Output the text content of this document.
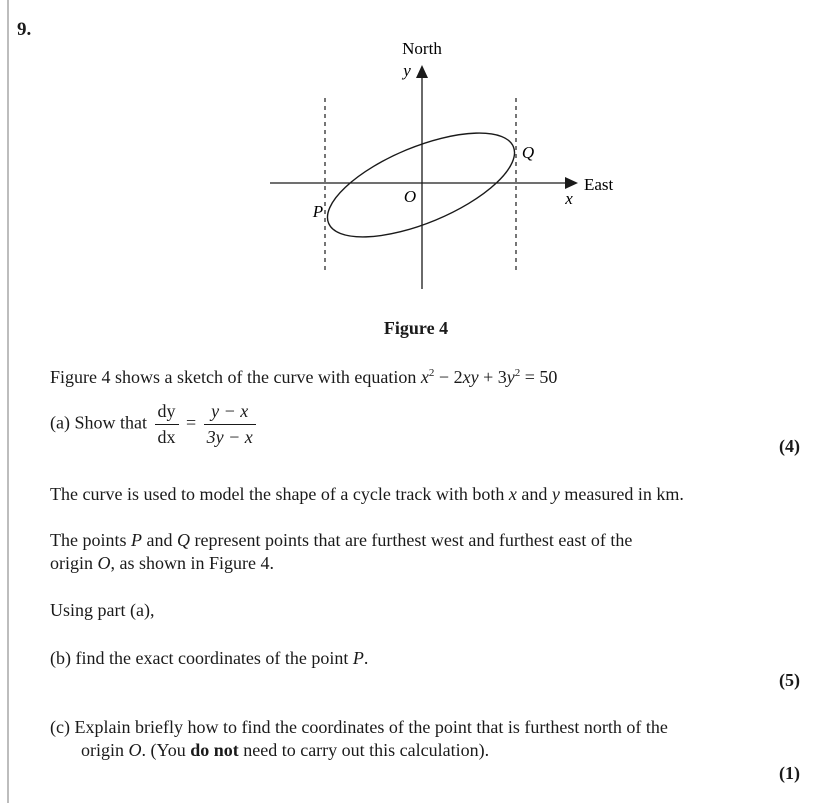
9.
North
y
East
x
O
P
Q
Figure 4
Figure 4 shows a sketch of the curve with equation $x^2 - 2xy + 3y^2 = 50$
(a) Show that $\frac{dy}{dx} = \frac{y - x}{3y - x}$	(4)
The curve is used to model the shape of a cycle track with both x and y measured in km.
The points P and Q represent points that are furthest west and furthest east of the
origin O, as shown in Figure 4.
Using part (a),
(b) find the exact coordinates of the point P.
(5)
(c) Explain briefly how to find the coordinates of the point that is furthest north of the
origin O. (You do not need to carry out this calculation).
(1)
